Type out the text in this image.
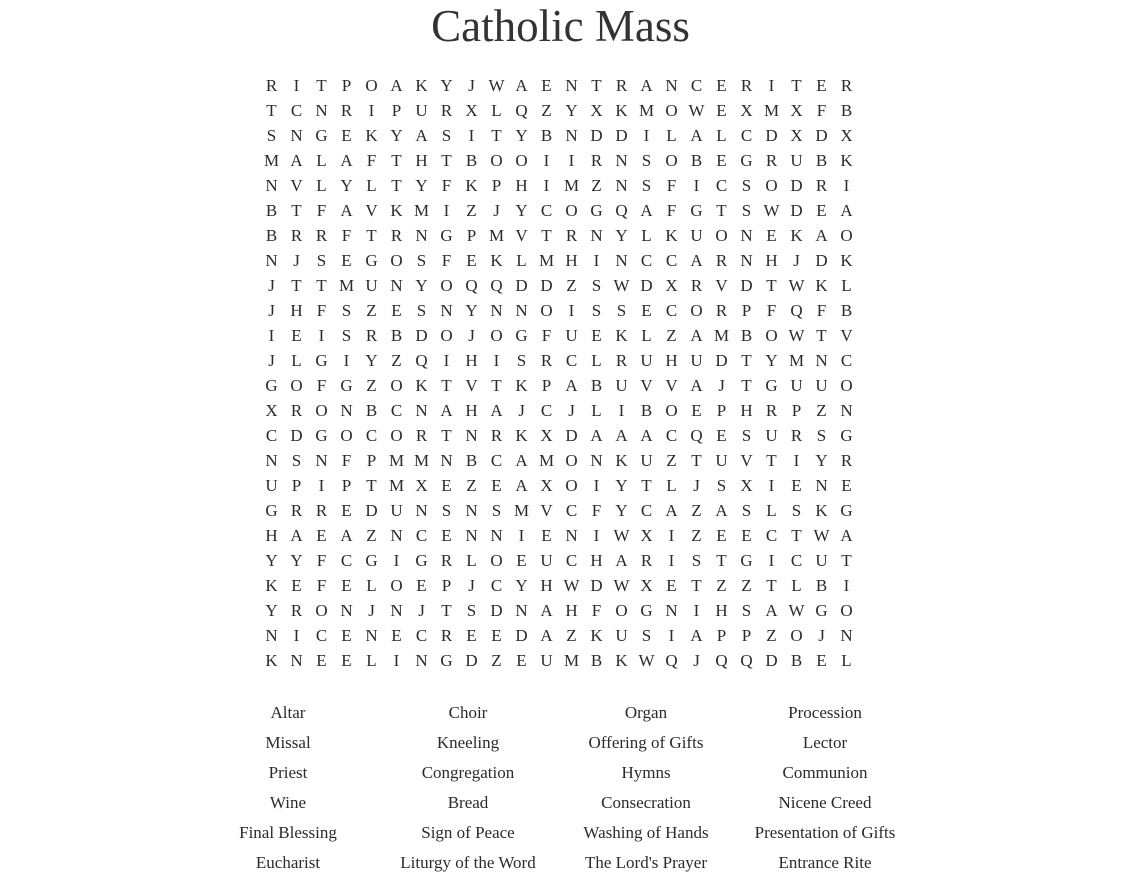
Catholic Mass
R I T P O A K Y J W A E N T R A N C E R I T E R
T C N R I	P U R X L Q Z Y X K M O W E X M X F B
S N G E K Y A S	I T Y B N D D I L A L C D X D X
M A L A F T H T B O O I	I R N S O B E G R U B K
N V L Y L T Y F K P H I M Z N S F	I C S O D R I
B T F A V K M I Z J Y C O G Q A F G T S W D E A
B R R F T R N G P M V T R N Y L K U O N E K A O
N J S E G O S F E K L M H I N C C A R N H J D K
J T T M U N Y O Q Q D D Z S W D X R V D T W K L
J H F S Z E S N Y N N O I	S S E C O R P F Q F B
I E I	S R B D O J O G F U E K L Z A M B O W T V
J L G I Y Z Q I H I	S R C L R U H U D T Y M N C
G O F G Z O K T V T K P A B U V V A J T G U U O
X R O N B C N A H A J C J L I B O E P H R P Z N
C D G O C O R T N R K X D A A A C Q E S U R S G
N S N F P M M N B C A M O N K U Z T U V T I Y R
U P	I	P T M X E Z E A X O I Y T L J S X I E N E
G R R E D U N S N S M V C F Y C A Z A S L S K G
H A E A Z N C E N N I E N I W X I Z E E C T W A
Y Y F C G I G R L O E U C H A R I	S T G I C U T
K E F E L O E P J C Y H W D W X E T Z Z T L B I
Y R O N J N J T S D N A H F O G N I H S A W G O
N I C E N E C R E E D A Z K U S	I A P P Z O J N
K N E E L I N G D Z E U M B K W Q J Q Q D B E L
Altar	Choir	Organ	Procession
Missal	Kneeling	Offering of Gifts	Lector
Priest	Congregation	Hymns	Communion
Wine	Bread	Consecration	Nicene Creed
Final Blessing	Sign of Peace	Washing of Hands	Presentation of Gifts
Eucharist	Liturgy of the Word	The Lord's Prayer	Entrance Rite
